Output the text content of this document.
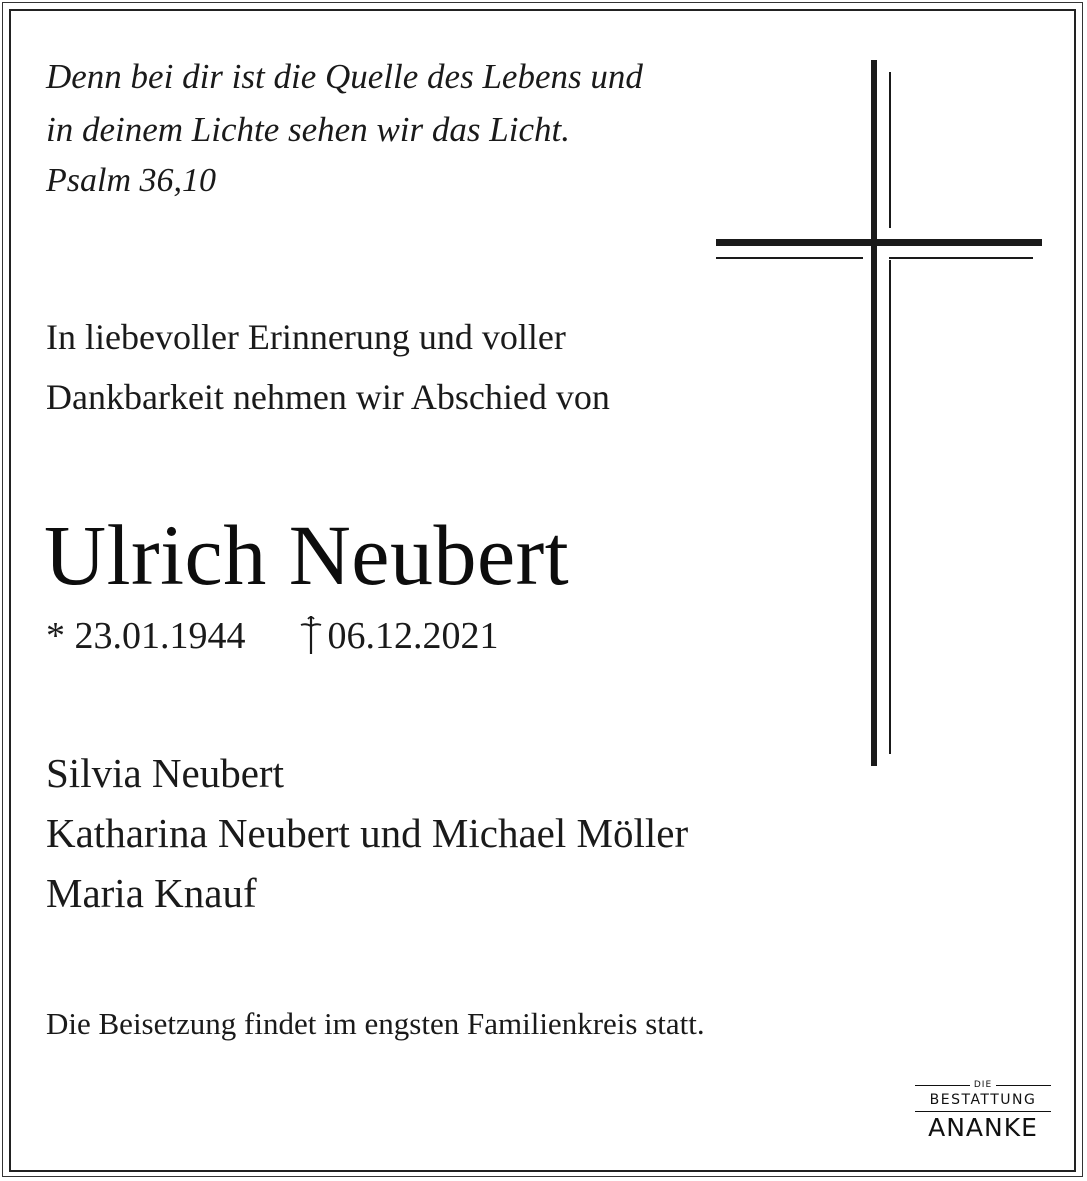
Denn bei dir ist die Quelle des Lebens und
in deinem Lichte sehen wir das Licht.
Psalm 36,10
In liebevoller Erinnerung und voller
Dankbarkeit nehmen wir Abschied von
Ulrich Neubert
* 23.01.1944 06.12.2021
Silvia Neubert
Katharina Neubert und Michael Möller
Maria Knauf
Die Beisetzung findet im engsten Familienkreis statt.
DIE
BESTATTUNG
ANANKE
